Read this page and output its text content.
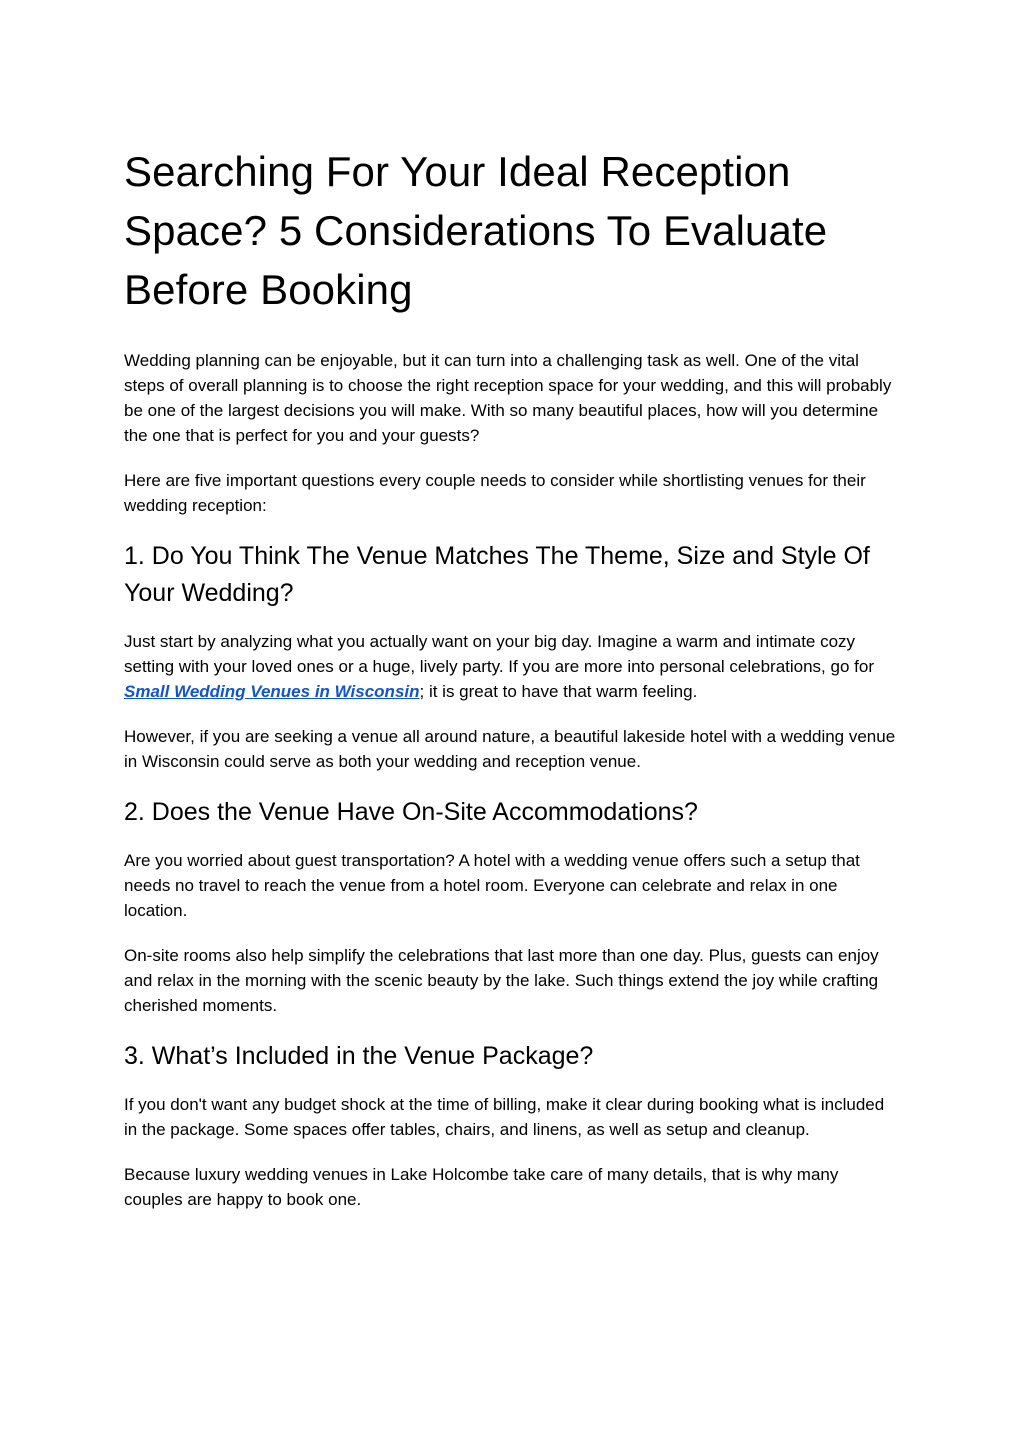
Searching For Your Ideal Reception Space? 5 Considerations To Evaluate Before Booking

Wedding planning can be enjoyable, but it can turn into a challenging task as well. One of the vital steps of overall planning is to choose the right reception space for your wedding, and this will probably be one of the largest decisions you will make. With so many beautiful places, how will you determine the one that is perfect for you and your guests?

Here are five important questions every couple needs to consider while shortlisting venues for their wedding reception:

1. Do You Think The Venue Matches The Theme, Size and Style Of Your Wedding?

Just start by analyzing what you actually want on your big day. Imagine a warm and intimate cozy setting with your loved ones or a huge, lively party. If you are more into personal celebrations, go for Small Wedding Venues in Wisconsin; it is great to have that warm feeling.

However, if you are seeking a venue all around nature, a beautiful lakeside hotel with a wedding venue in Wisconsin could serve as both your wedding and reception venue.

2. Does the Venue Have On-Site Accommodations?

Are you worried about guest transportation? A hotel with a wedding venue offers such a setup that needs no travel to reach the venue from a hotel room. Everyone can celebrate and relax in one location.

On-site rooms also help simplify the celebrations that last more than one day. Plus, guests can enjoy and relax in the morning with the scenic beauty by the lake. Such things extend the joy while crafting cherished moments.

3. What’s Included in the Venue Package?

If you don't want any budget shock at the time of billing, make it clear during booking what is included in the package. Some spaces offer tables, chairs, and linens, as well as setup and cleanup.

Because luxury wedding venues in Lake Holcombe take care of many details, that is why many couples are happy to book one.
